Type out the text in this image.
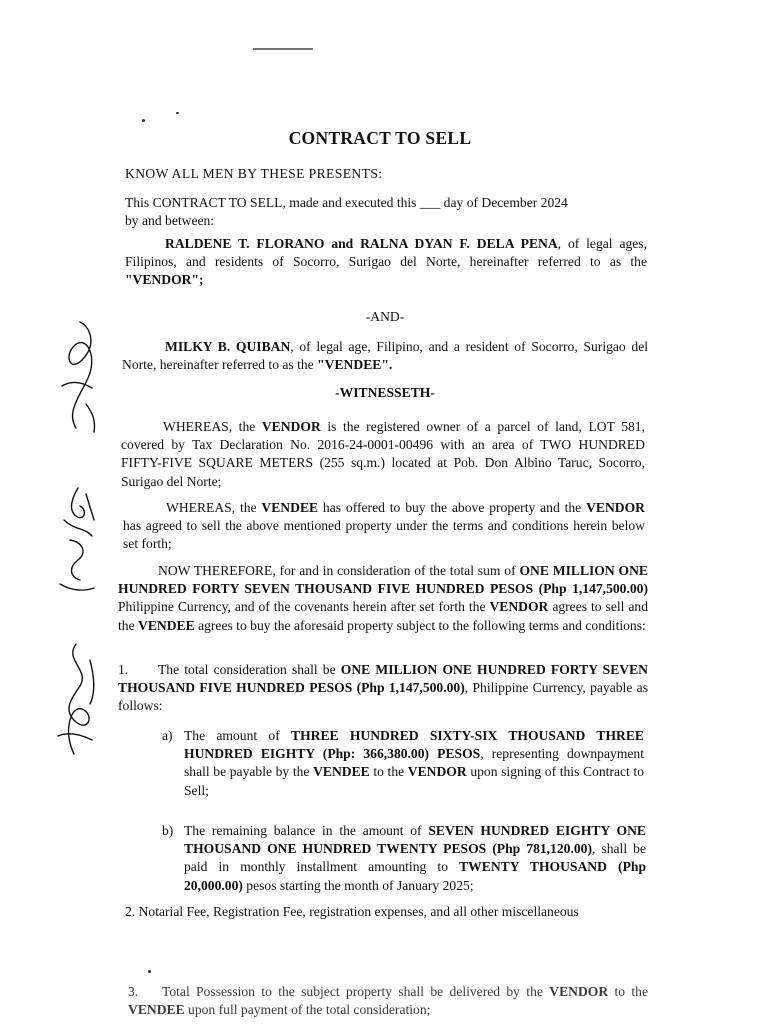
CONTRACT TO SELL
KNOW ALL MEN BY THESE PRESENTS:
This CONTRACT TO SELL, made and executed this ___ day of December 2024
by and between:
RALDENE T. FLORANO and RALNA DYAN F. DELA PENA, of legal ages, Filipinos, and residents of Socorro, Surigao del Norte, hereinafter referred to as the "VENDOR";
-AND-
MILKY B. QUIBAN, of legal age, Filipino, and a resident of Socorro, Surigao del Norte, hereinafter referred to as the "VENDEE".
-WITNESSETH-
WHEREAS, the VENDOR is the registered owner of a parcel of land, LOT 581, covered by Tax Declaration No. 2016-24-0001-00496 with an area of TWO HUNDRED FIFTY-FIVE SQUARE METERS (255 sq.m.) located at Pob. Don Albino Taruc, Socorro, Surigao del Norte;
WHEREAS, the VENDEE has offered to buy the above property and the VENDOR has agreed to sell the above mentioned property under the terms and conditions herein below set forth;
NOW THEREFORE, for and in consideration of the total sum of ONE MILLION ONE HUNDRED FORTY SEVEN THOUSAND FIVE HUNDRED PESOS (Php 1,147,500.00) Philippine Currency, and of the covenants herein after set forth the VENDOR agrees to sell and the VENDEE agrees to buy the aforesaid property subject to the following terms and conditions:
1. The total consideration shall be ONE MILLION ONE HUNDRED FORTY SEVEN THOUSAND FIVE HUNDRED PESOS (Php 1,147,500.00), Philippine Currency, payable as follows:
a) The amount of THREE HUNDRED SIXTY-SIX THOUSAND THREE HUNDRED EIGHTY (Php: 366,380.00) PESOS, representing downpayment shall be payable by the VENDEE to the VENDOR upon signing of this Contract to Sell;
b) The remaining balance in the amount of SEVEN HUNDRED EIGHTY ONE THOUSAND ONE HUNDRED TWENTY PESOS (Php 781,120.00), shall be paid in monthly installment amounting to TWENTY THOUSAND (Php 20,000.00) pesos starting the month of January 2025;
2. Notarial Fee, Registration Fee, registration expenses, and all other miscellaneous
3. Total Possession to the subject property shall be delivered by the VENDOR to the VENDEE upon full payment of the total consideration;
